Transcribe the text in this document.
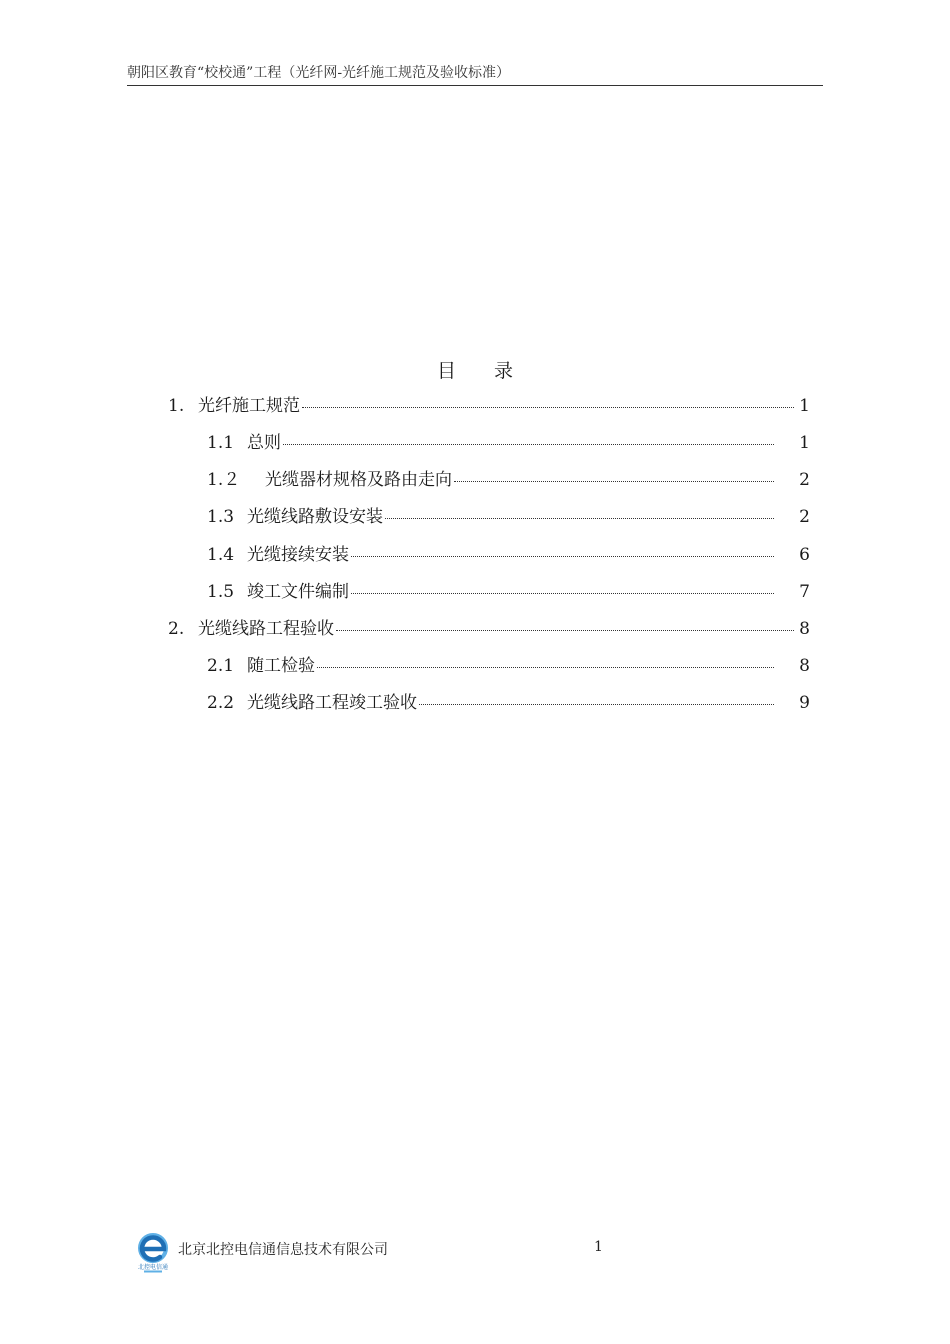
朝阳区教育“校校通”工程（光纤网-光纤施工规范及验收标准）
目 录
1. 光纤施工规范	1
1.1 总则	1
1.２	光缆器材规格及路由走向	2
1.3 光缆线路敷设安装	2
1.4 光缆接续安装	6
1.5 竣工文件编制	7
2. 光缆线路工程验收	8
2.1 随工检验	8
2.2 光缆线路工程竣工验收	9
北控电信通
北京北控电信通信息技术有限公司	1
